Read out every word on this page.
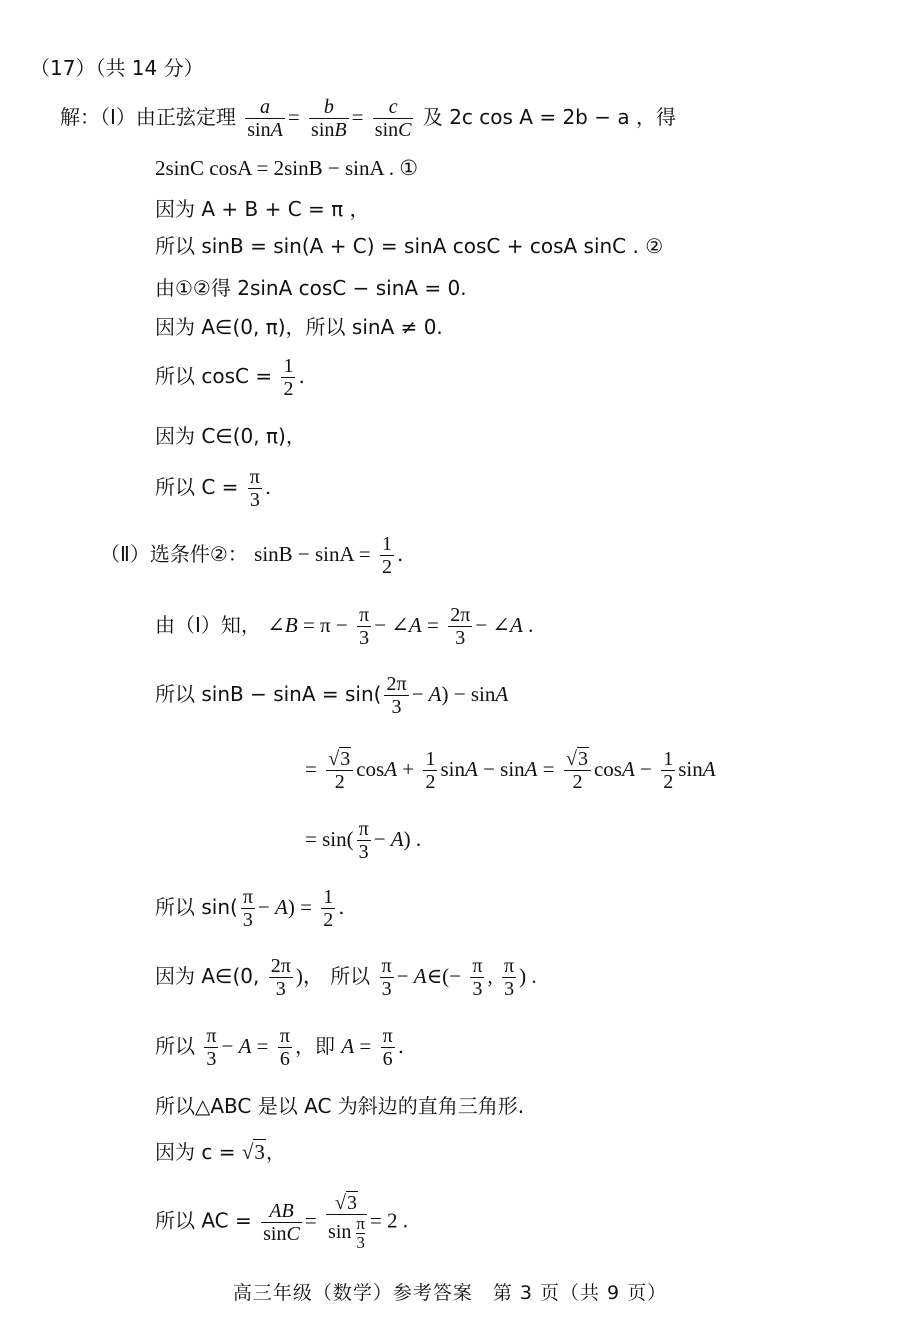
（17）（共 14 分）
解：（Ⅰ）由正弦定理 $\frac{a}{\sin A} = \frac{b}{\sin B} = \frac{c}{\sin C}$ 及 2c cos A = 2b − a ，得
2sinC cosA = 2sinB − sinA . ①
因为 A + B + C = π ，
所以 sinB = sin(A + C) = sinA cosC + cosA sinC . ②
由①②得 2sinA cosC − sinA = 0.
因为 A∈(0, π)，所以 sinA ≠ 0.
所以 $\cos C = \frac{1}{2}$ .
因为 C∈(0, π)，
所以 $C = \frac{\pi}{3}$ .
（Ⅱ）选条件②： $\sin B - \sin A = \frac{1}{2}$ .
由（Ⅰ）知， ∠B = $\pi - \frac{\pi}{3}$ − ∠A = $\frac{2\pi}{3}$ − ∠A .
所以 $\sin B - \sin A = \sin( \frac{2\pi}{3} - A) - \sin A$
= $\frac{√3}{2}$ $\cos A + \frac{1}{2}$ $\sin A - \sin A = \frac{√3}{2}$ $\cos A - \frac{1}{2}$ sinA
= $\sin( \frac{\pi}{3} - A)$ .
所以 $\sin( \frac{\pi}{3} - A) = \frac{1}{2}$ .
因为 A∈(0, $\frac{2\pi}{3}$ )， 所以 $\frac{\pi}{3}$ − A∈(− $\frac{\pi}{3}$ , $\frac{\pi}{3}$ ) .
所以 $\frac{\pi}{3} - A = \frac{\pi}{6}$ ，即 $A = \frac{\pi}{6}$ .
所以△ABC 是以 AC 为斜边的直角三角形.
因为 c = √3，
所以 AC = $\frac{AB}{\sin C} = \frac{√3}{\sin \frac{\pi}{3}} = 2$ .
高三年级（数学）参考答案　第 3 页（共 9 页）
